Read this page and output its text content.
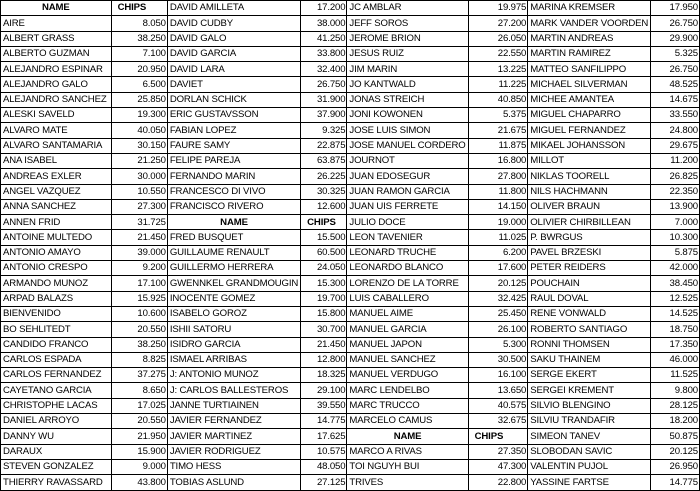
NAME	CHIPS	DAVID AMILLETA	17.200	JC AMBLAR	19.975	MARINA KREMSER	17.950
AIRE	8.050	DAVID CUDBY	38.000	JEFF SOROS	27.200	MARK VANDER VOORDEN	26.750
ALBERT GRASS	38.250	DAVID GALO	41.250	JEROME BRION	26.050	MARTIN ANDREAS	29.900
ALBERTO GUZMAN	7.100	DAVID GARCIA	33.800	JESUS RUIZ	22.550	MARTIN RAMIREZ	5.325
ALEJANDRO ESPINAR	20.950	DAVID LARA	32.400	JIM MARIN	13.225	MATTEO SANFILIPPO	26.750
ALEJANDRO GALO	6.500	DAVIET	26.750	JO KANTWALD	11.225	MICHAEL SILVERMAN	48.525
ALEJANDRO SANCHEZ	25.850	DORLAN SCHICK	31.900	JONAS STREICH	40.850	MICHEE AMANTEA	14.675
ALESKI SAVELD	19.300	ERIC GUSTAVSSON	37.900	JONI KOWONEN	5.375	MIGUEL CHAPARRO	33.550
ALVARO MATE	40.050	FABIAN LOPEZ	9.325	JOSE LUIS SIMON	21.675	MIGUEL FERNANDEZ	24.800
ALVARO SANTAMARIA	30.150	FAURE SAMY	22.875	JOSE MANUEL CORDERO	11.875	MIKAEL JOHANSSON	29.675
ANA ISABEL	21.250	FELIPE PAREJA	63.875	JOURNOT	16.800	MILLOT	11.200
ANDREAS EXLER	30.000	FERNANDO MARIN	26.225	JUAN EDOSEGUR	27.800	NIKLAS TOORELL	26.825
ANGEL VAZQUEZ	10.550	FRANCESCO DI VIVO	30.325	JUAN RAMON GARCIA	11.800	NILS HACHMANN	22.350
ANNA SANCHEZ	27.300	FRANCISCO RIVERO	12.600	JUAN UIS FERRETE	14.150	OLIVER BRAUN	13.900
ANNEN FRID	31.725	NAME	CHIPS	JULIO DOCE	19.000	OLIVIER CHIRBILLEAN	7.000
ANTOINE MULTEDO	21.450	FRED BUSQUET	15.500	LEON TAVENIER	11.025	P. BWRGUS	10.300
ANTONIO AMAYO	39.000	GUILLAUME RENAULT	60.500	LEONARD TRUCHE	6.200	PAVEL BRZESKI	5.875
ANTONIO CRESPO	9.200	GUILLERMO HERRERA	24.050	LEONARDO BLANCO	17.600	PETER REIDERS	42.000
ARMANDO MUNOZ	17.100	GWENNKEL GRANDMOUGIN	15.300	LORENZO DE LA TORRE	20.125	POUCHAIN	38.450
ARPAD BALAZS	15.925	INOCENTE GOMEZ	19.700	LUIS CABALLERO	32.425	RAUL DOVAL	12.525
BIENVENIDO	10.600	ISABELO GOROZ	15.800	MANUEL AIME	25.450	RENE VONWALD	14.525
BO SEHLITEDT	20.550	ISHII SATORU	30.700	MANUEL GARCIA	26.100	ROBERTO SANTIAGO	18.750
CANDIDO FRANCO	38.250	ISIDRO GARCIA	21.450	MANUEL JAPON	5.300	RONNI THOMSEN	17.350
CARLOS ESPADA	8.825	ISMAEL ARRIBAS	12.800	MANUEL SANCHEZ	30.500	SAKU THAINEM	46.000
CARLOS FERNANDEZ	37.275	J: ANTONIO MUNOZ	18.325	MANUEL VERDUGO	16.100	SERGE EKERT	11.525
CAYETANO GARCIA	8.650	J: CARLOS BALLESTEROS	29.100	MARC LENDELBO	13.650	SERGEI KREMENT	9.800
CHRISTOPHE LACAS	17.025	JANNE TURTIAINEN	39.550	MARC TRUCCO	40.575	SILVIO BLENGINO	28.125
DANIEL ARROYO	20.550	JAVIER FERNANDEZ	14.775	MARCELO CAMUS	32.675	SILVIU TRANDAFIR	18.200
DANNY WU	21.950	JAVIER MARTINEZ	17.625	NAME	CHIPS	SIMEON TANEV	50.875
DARAUX	15.900	JAVIER RODRIGUEZ	10.575	MARCO A RIVAS	27.350	SLOBODAN SAVIC	20.125
STEVEN GONZALEZ	9.000	TIMO HESS	48.050	TOI NGUYH BUI	47.300	VALENTIN PUJOL	26.950
THIERRY RAVASSARD	43.800	TOBIAS ASLUND	27.125	TRIVES	22.800	YASSINE FARTSE	14.775
